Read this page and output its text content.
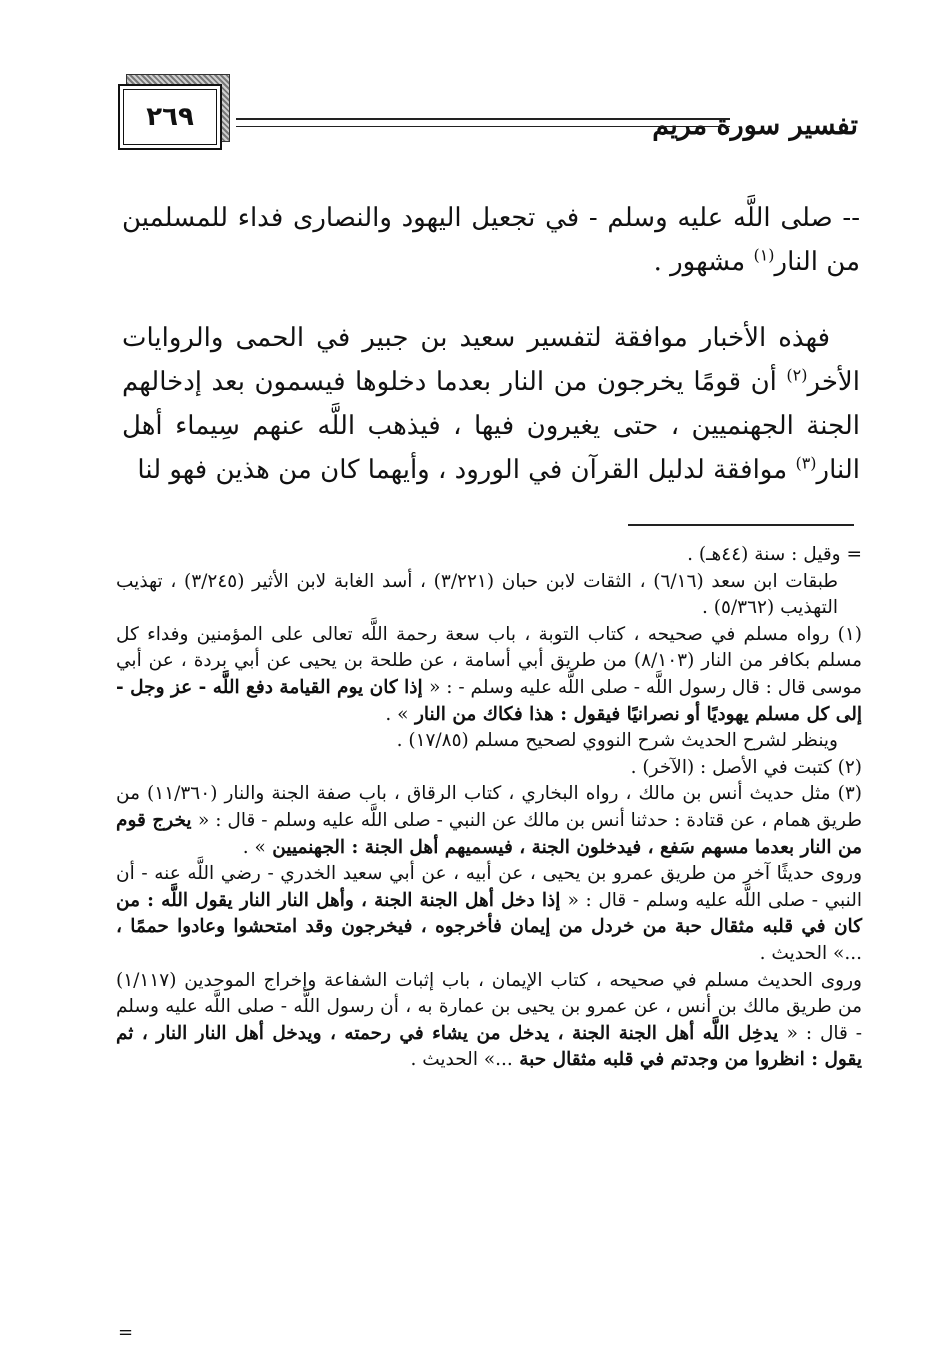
تفسير سورة مريم
٢٦٩

-- صلى اللَّه عليه وسلم - في تجعيل اليهود والنصارى فداء للمسلمين من النار$^{(١)}$ مشهور .

فهذه الأخبار موافقة لتفسير سعيد بن جبير في الحمى والروايات الأخر$^{(٢)}$ أن قومًا يخرجون من النار بعدما دخلوها فيسمون بعد إدخالهم الجنة الجهنميين ، حتى يغيرون فيها ، فيذهب اللَّه عنهم سِيماء أهل النار$^{(٣)}$ موافقة لدليل القرآن في الورود ، وأيهما كان من هذين فهو لنا

= وقيل : سنة (٤٤هـ) .

طبقات ابن سعد (٦/١٦) ، الثقات لابن حبان (٣/٢٢١) ، أسد الغابة لابن الأثير (٣/٢٤٥) ، تهذيب التهذيب (٥/٣٦٢) .

(١) رواه مسلم في صحيحه ، كتاب التوبة ، باب سعة رحمة اللَّه تعالى على المؤمنين وفداء كل مسلم بكافر من النار (٨/١٠٣) من طريق أبي أسامة ، عن طلحة بن يحيى عن أبي بردة ، عن أبي موسى قال : قال رسول اللَّه - صلى اللَّه عليه وسلم - : « إذا كان يوم القيامة دفع اللَّه - عز وجل - إلى كل مسلم يهوديًا أو نصرانيًا فيقول : هذا فكاك من النار » .

وينظر لشرح الحديث شرح النووي لصحيح مسلم (١٧/٨٥) .

(٢) كتبت في الأصل : (الآخر) .

(٣) مثل حديث أنس بن مالك ، رواه البخاري ، كتاب الرقاق ، باب صفة الجنة والنار (١١/٣٦٠) من طريق همام ، عن قتادة : حدثنا أنس بن مالك عن النبي - صلى اللَّه عليه وسلم - قال : « يخرج قوم من النار بعدما مسهم سَفع ، فيدخلون الجنة ، فيسميهم أهل الجنة : الجهنميين » .

وروى حديثًا آخر من طريق عمرو بن يحيى ، عن أبيه ، عن أبي سعيد الخدري - رضي اللَّه عنه - أن النبي - صلى اللَّه عليه وسلم - قال : « إذا دخل أهل الجنة الجنة ، وأهل النار النار يقول اللَّه : من كان في قلبه مثقال حبة من خردل من إيمان فأخرجوه ، فيخرجون وقد امتحشوا وعادوا حممًا ، ...» الحديث .

وروى الحديث مسلم في صحيحه ، كتاب الإيمان ، باب إثبات الشفاعة وإخراج الموحدين (١/١١٧) من طريق مالك بن أنس ، عن عمرو بن يحيى بن عمارة به ، أن رسول اللَّه - صلى اللَّه عليه وسلم - قال : « يدخِل اللَّه أهل الجنة الجنة ، يدخل من يشاء في رحمته ، ويدخل أهل النار النار ، ثم يقول : انظروا من وجدتم في قلبه مثقال حبة ...» الحديث .

=
